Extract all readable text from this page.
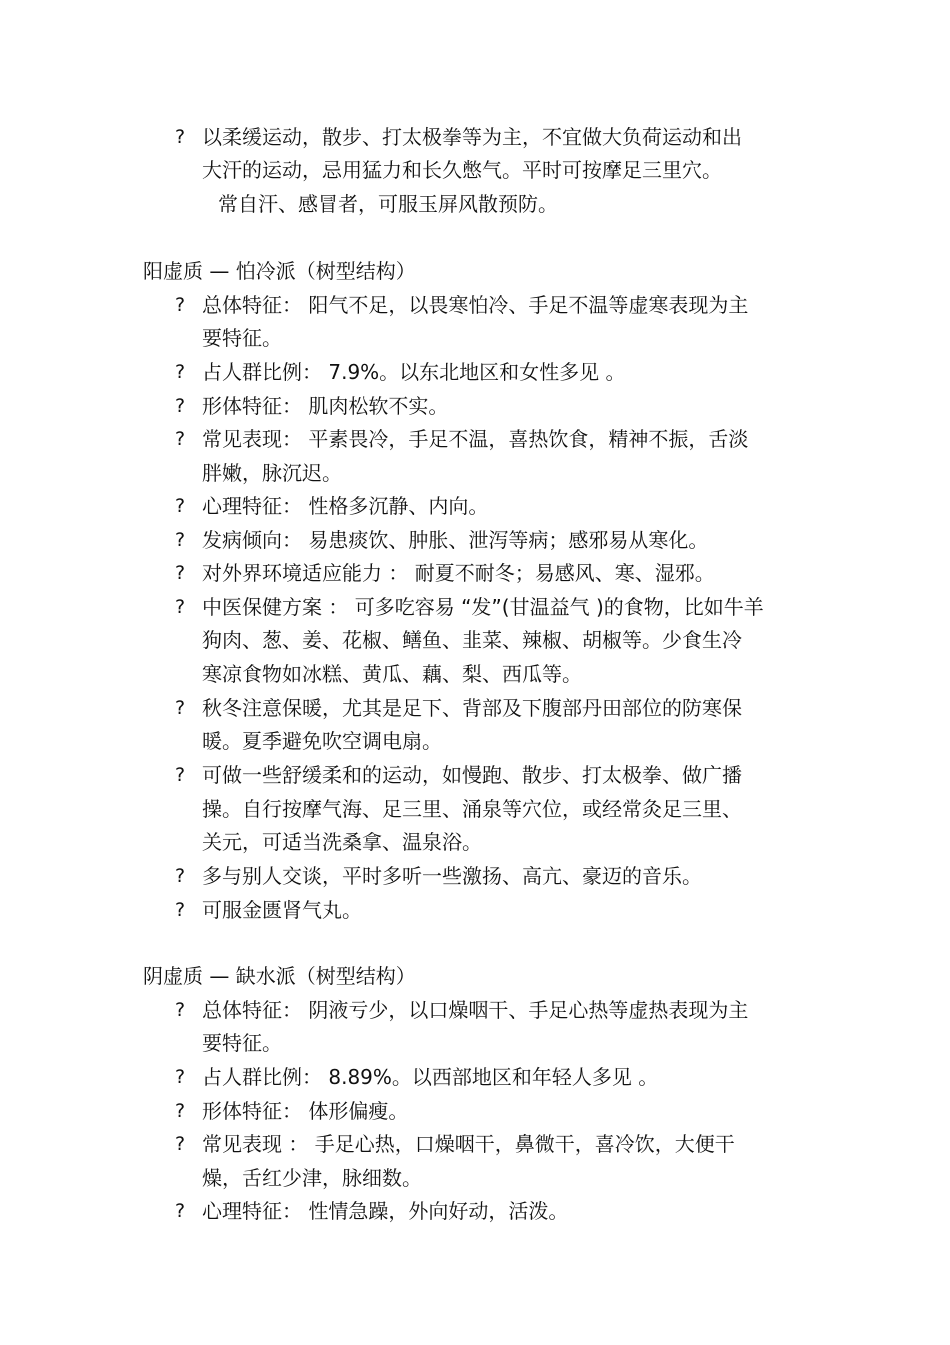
? 以柔缓运动，散步、打太极拳等为主，不宜做大负荷运动和出
大汗的运动，忌用猛力和长久憋气。平时可按摩足三里穴。
常自汗、感冒者，可服玉屏风散预防。
阳虚质 — 怕冷派（树型结构）
? 总体特征： 阳气不足，以畏寒怕冷、手足不温等虚寒表现为主
要特征。
? 占人群比例： 7.9%。以东北地区和女性多见 。
? 形体特征： 肌肉松软不实。
? 常见表现： 平素畏冷，手足不温，喜热饮食，精神不振，舌淡
胖嫩，脉沉迟。
? 心理特征： 性格多沉静、内向。
? 发病倾向： 易患痰饮、肿胀、泄泻等病；感邪易从寒化。
? 对外界环境适应能力 ： 耐夏不耐冬；易感风、寒、湿邪。
? 中医保健方案 ： 可多吃容易 “发”(甘温益气 )的食物，比如牛羊
狗肉、葱、姜、花椒、鳝鱼、韭菜、辣椒、胡椒等。少食生冷
寒凉食物如冰糕、黄瓜、藕、梨、西瓜等。
? 秋冬注意保暖，尤其是足下、背部及下腹部丹田部位的防寒保
暖。夏季避免吹空调电扇。
? 可做一些舒缓柔和的运动，如慢跑、散步、打太极拳、做广播
操。自行按摩气海、足三里、涌泉等穴位，或经常灸足三里、
关元，可适当洗桑拿、温泉浴。
? 多与别人交谈，平时多听一些激扬、高亢、豪迈的音乐。
? 可服金匮肾气丸。
阴虚质 — 缺水派（树型结构）
? 总体特征： 阴液亏少，以口燥咽干、手足心热等虚热表现为主
要特征。
? 占人群比例： 8.89%。以西部地区和年轻人多见 。
? 形体特征： 体形偏瘦。
? 常见表现 ： 手足心热，口燥咽干，鼻微干，喜冷饮，大便干
燥，舌红少津，脉细数。
? 心理特征： 性情急躁，外向好动，活泼。
